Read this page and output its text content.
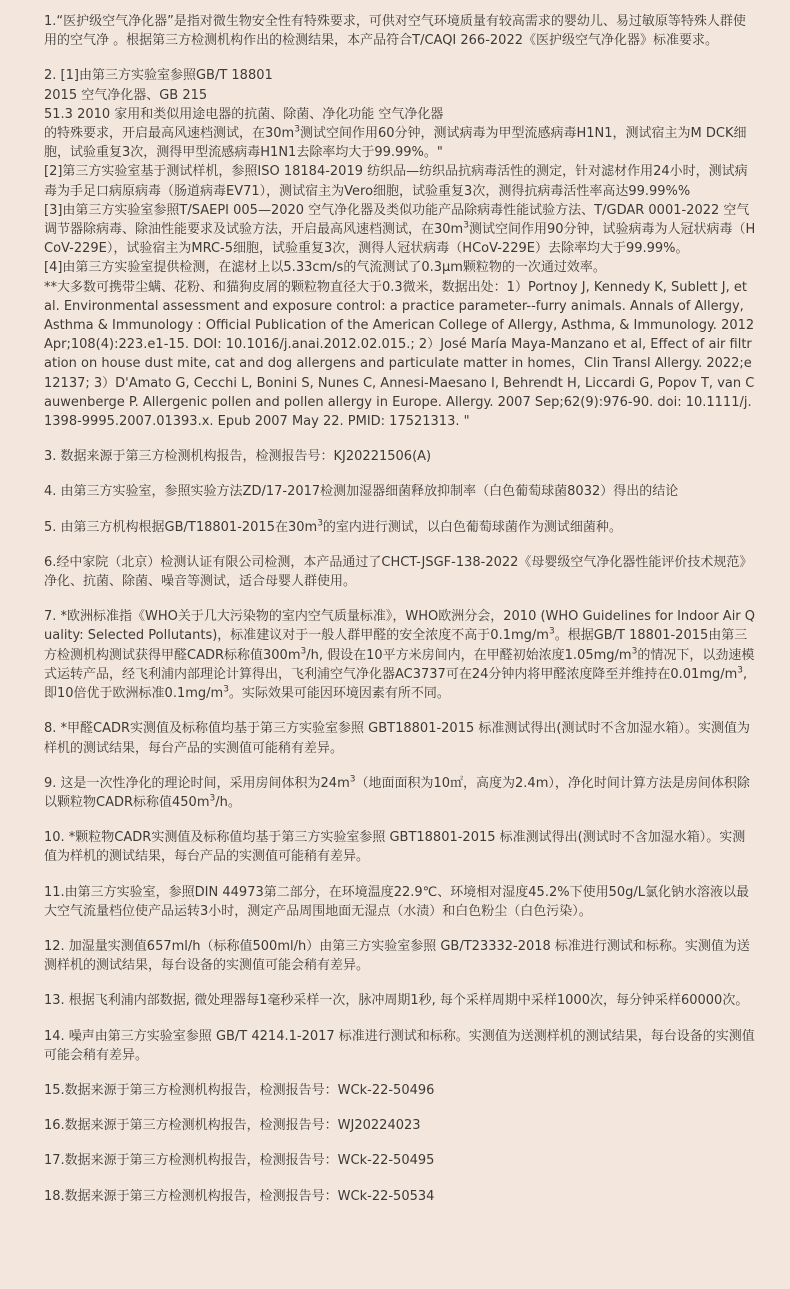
1.“医护级空气净化器”是指对微生物安全性有特殊要求，可供对空气环境质量有较高需求的婴幼儿、易过敏原等特殊人群使用的空气净 。根据第三方检测机构作出的检测结果，本产品符合T/CAQI 266-2022《医护级空气净化器》标准要求。

2. [1]由第三方实验室参照GB/T 18801
2015 空气净化器、GB 215
51.3 2010 家用和类似用途电器的抗菌、除菌、净化功能 空气净化器
的特殊要求，开启最高风速档测试，在$30m^3$测试空间作用60分钟，测试病毒为甲型流感病毒H1N1，测试宿主为M DCK细胞，试验重复3次，测得甲型流感病毒H1N1去除率均大于99.99%。"
[2]第三方实验室基于测试样机，参照ISO 18184-2019 纺织品—纺织品抗病毒活性的测定，针对滤材作用24小时，测试病毒为手足口病原病毒（肠道病毒EV71），测试宿主为Vero细胞，试验重复3次，测得抗病毒活性率高达99.99%%
[3]由第三方实验室参照T/SAEPI 005—2020 空气净化器及类似功能产品除病毒性能试验方法、T/GDAR 0001-2022 空气调节器除病毒、除油性能要求及试验方法，开启最高风速档测试，在$30m^3$测试空间作用90分钟，试验病毒为人冠状病毒（HCoV-229E），试验宿主为MRC-5细胞，试验重复3次，测得人冠状病毒（HCoV-229E）去除率均大于99.99%。
[4]由第三方实验室提供检测，在滤材上以5.33cm/s的气流测试了0.3μm颗粒物的一次通过效率。
**大多数可携带尘螨、花粉、和猫狗皮屑的颗粒物直径大于0.3微米，数据出处：1）Portnoy J, Kennedy K, Sublett J, et al. Environmental assessment and exposure control: a practice parameter--furry animals. Annals of Allergy, Asthma & Immunology : Official Publication of the American College of Allergy, Asthma, & Immunology. 2012 Apr;108(4):223.e1-15. DOI: 10.1016/j.anai.2012.02.015.; 2）José María Maya‐Manzano et al, Effect of air filtration on house dust mite, cat and dog allergens and particulate matter in homes，Clin Transl Allergy. 2022;e12137; 3）D'Amato G, Cecchi L, Bonini S, Nunes C, Annesi-Maesano I, Behrendt H, Liccardi G, Popov T, van Cauwenberge P. Allergenic pollen and pollen allergy in Europe. Allergy. 2007 Sep;62(9):976-90. doi: 10.1111/j.1398-9995.2007.01393.x. Epub 2007 May 22. PMID: 17521313. "

3. 数据来源于第三方检测机构报告，检测报告号：KJ20221506(A)

4. 由第三方实验室，参照实验方法ZD/17-2017检测加湿器细菌释放抑制率（白色葡萄球菌8032）得出的结论

5. 由第三方机构根据GB/T18801-2015在$30m^3$的室内进行测试，以白色葡萄球菌作为测试细菌种。

6.经中家院（北京）检测认证有限公司检测，本产品通过了CHCT-JSGF-138-2022《母婴级空气净化器性能评价技术规范》净化、抗菌、除菌、噪音等测试，适合母婴人群使用。

7. *欧洲标准指《WHO关于几大污染物的室内空气质量标准》，WHO欧洲分会，2010 (WHO Guidelines for Indoor Air Quality: Selected Pollutants)，标准建议对于一般人群甲醛的安全浓度不高于$0.1mg/m^3$。根据GB/T 18801-2015由第三方检测机构测试获得甲醛CADR标称值$300m^3/h$, 假设在10平方米房间内，在甲醛初始浓度$1.05mg/m^3$的情况下，以劲速模式运转产品，经飞利浦内部理论计算得出，飞利浦空气净化器AC3737可在24分钟内将甲醛浓度降至并维持在$0.01mg/m^3$,即10倍优于欧洲标准$0.1mg/m^3$。实际效果可能因环境因素有所不同。

8. *甲醛CADR实测值及标称值均基于第三方实验室参照 GBT18801-2015 标准测试得出(测试时不含加湿水箱）。实测值为样机的测试结果，每台产品的实测值可能稍有差异。

9. 这是一次性净化的理论时间，采用房间体积为$24m^3$（地面面积为10㎡，高度为2.4m），净化时间计算方法是房间体积除以颗粒物CADR标称值$450m^3/h$。

10. *颗粒物CADR实测值及标称值均基于第三方实验室参照 GBT18801-2015 标准测试得出(测试时不含加湿水箱）。实测值为样机的测试结果，每台产品的实测值可能稍有差异。

11.由第三方实验室，参照DIN 44973第二部分，在环境温度22.9℃、环境相对湿度45.2%下使用50g/L氯化钠水溶液以最大空气流量档位使产品运转3小时，测定产品周围地面无湿点（水渍）和白色粉尘（白色污染）。

12. 加湿量实测值657ml/h（标称值500ml/h）由第三方实验室参照 GB/T23332-2018 标准进行测试和标称。实测值为送测样机的测试结果，每台设备的实测值可能会稍有差异。

13. 根据飞利浦内部数据, 微处理器每1毫秒采样一次，脉冲周期1秒, 每个采样周期中采样1000次，每分钟采样60000次。

14. 噪声由第三方实验室参照 GB/T 4214.1-2017 标准进行测试和标称。实测值为送测样机的测试结果，每台设备的实测值可能会稍有差异。

15.数据来源于第三方检测机构报告，检测报告号：WCk-22-50496

16.数据来源于第三方检测机构报告，检测报告号：WJ20224023

17.数据来源于第三方检测机构报告，检测报告号：WCk-22-50495

18.数据来源于第三方检测机构报告，检测报告号：WCk-22-50534
